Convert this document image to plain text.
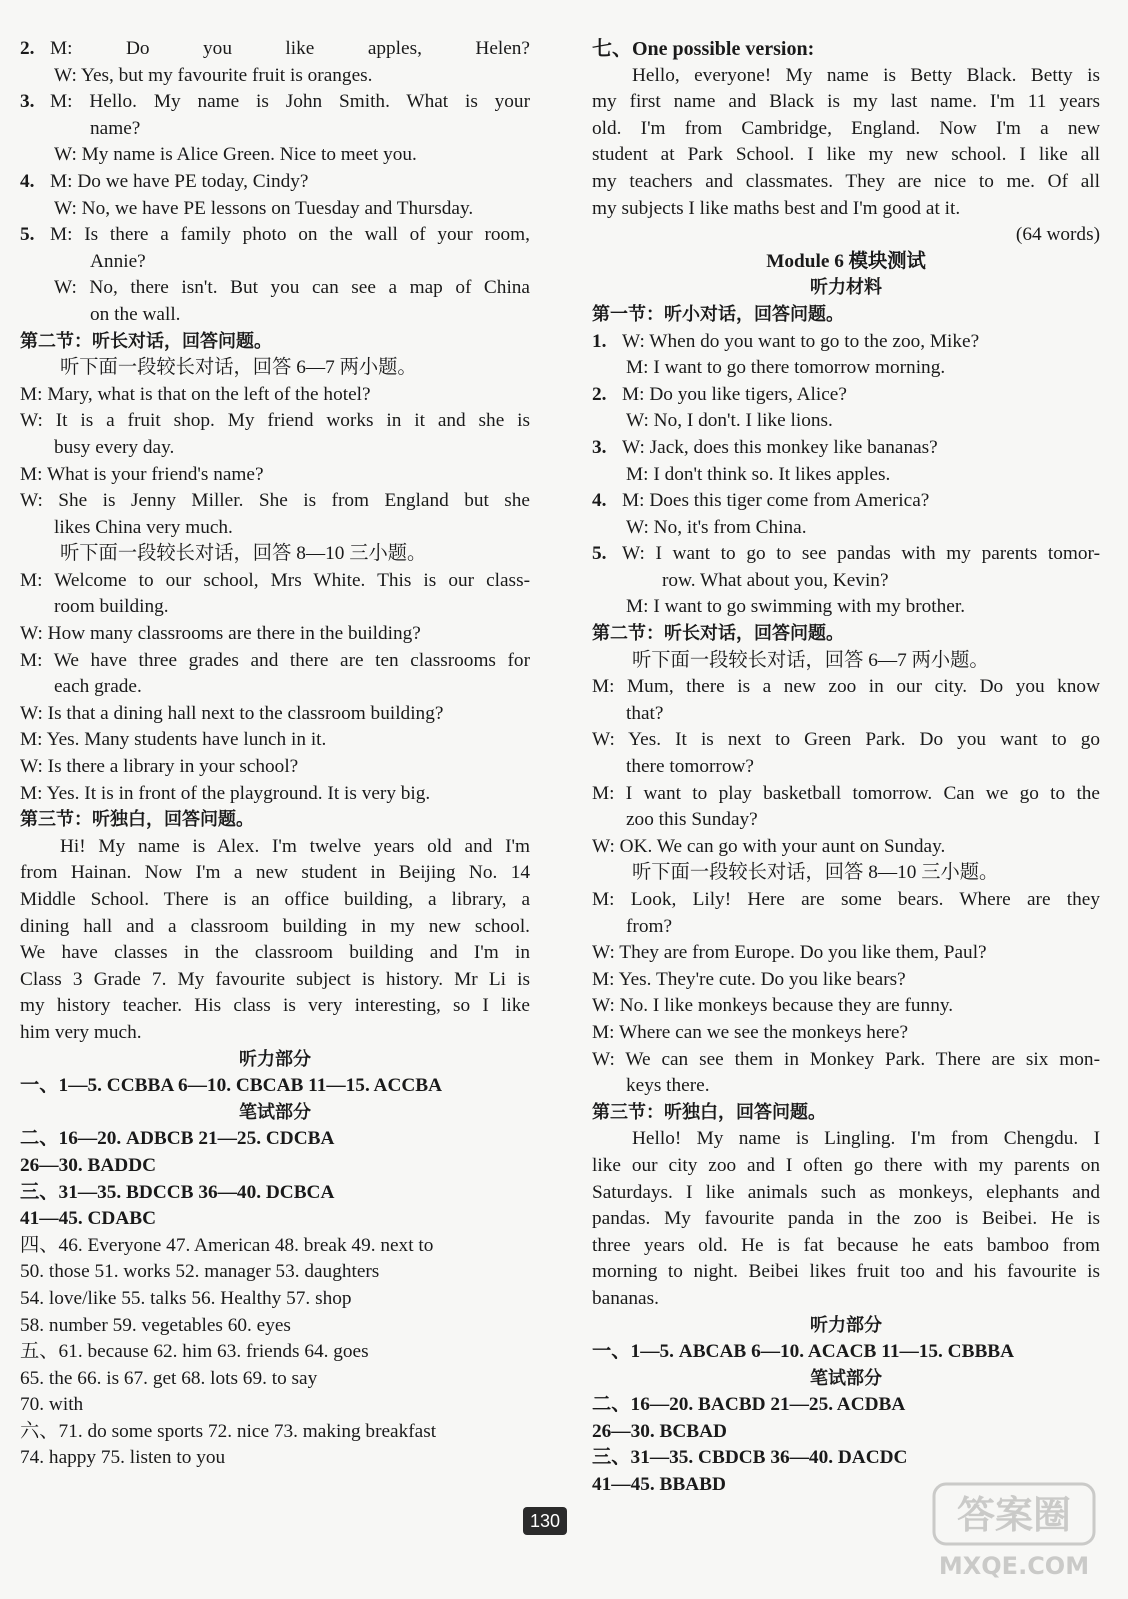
2. M: Do you like apples, Helen?
W: Yes, but my favourite fruit is oranges.
3. M: Hello. My name is John Smith. What is your
name?
W: My name is Alice Green. Nice to meet you.
4. M: Do we have PE today, Cindy?
W: No, we have PE lessons on Tuesday and Thursday.
5. M: Is there a family photo on the wall of your room,
Annie?
W: No, there isn't. But you can see a map of China
on the wall.
第二节：听长对话，回答问题。
听下面一段较长对话，回答 6—7 两小题。
M: Mary, what is that on the left of the hotel?
W: It is a fruit shop. My friend works in it and she is
busy every day.
M: What is your friend's name?
W: She is Jenny Miller. She is from England but she
likes China very much.
听下面一段较长对话，回答 8—10 三小题。
M: Welcome to our school, Mrs White. This is our class-
room building.
W: How many classrooms are there in the building?
M: We have three grades and there are ten classrooms for
each grade.
W: Is that a dining hall next to the classroom building?
M: Yes. Many students have lunch in it.
W: Is there a library in your school?
M: Yes. It is in front of the playground. It is very big.
第三节：听独白，回答问题。
Hi! My name is Alex. I'm twelve years old and I'm
from Hainan. Now I'm a new student in Beijing No. 14
Middle School. There is an office building, a library, a
dining hall and a classroom building in my new school.
We have classes in the classroom building and I'm in
Class 3 Grade 7. My favourite subject is history. Mr Li is
my history teacher. His class is very interesting, so I like
him very much.
听力部分
一、1—5. CCBBA 6—10. CBCAB 11—15. ACCBA
笔试部分
二、16—20. ADBCB 21—25. CDCBA
26—30. BADDC
三、31—35. BDCCB 36—40. DCBCA
41—45. CDABC
四、46. Everyone 47. American 48. break 49. next to
50. those 51. works 52. manager 53. daughters
54. love/like 55. talks 56. Healthy 57. shop
58. number 59. vegetables 60. eyes
五、61. because 62. him 63. friends 64. goes
65. the 66. is 67. get 68. lots 69. to say
70. with
六、71. do some sports 72. nice 73. making breakfast
74. happy 75. listen to you
七、One possible version:
Hello, everyone! My name is Betty Black. Betty is
my first name and Black is my last name. I'm 11 years
old. I'm from Cambridge, England. Now I'm a new
student at Park School. I like my new school. I like all
my teachers and classmates. They are nice to me. Of all
my subjects I like maths best and I'm good at it.
(64 words)
Module 6 模块测试
听力材料
第一节：听小对话，回答问题。
1. W: When do you want to go to the zoo, Mike?
M: I want to go there tomorrow morning.
2. M: Do you like tigers, Alice?
W: No, I don't. I like lions.
3. W: Jack, does this monkey like bananas?
M: I don't think so. It likes apples.
4. M: Does this tiger come from America?
W: No, it's from China.
5. W: I want to go to see pandas with my parents tomor-
row. What about you, Kevin?
M: I want to go swimming with my brother.
第二节：听长对话，回答问题。
听下面一段较长对话，回答 6—7 两小题。
M: Mum, there is a new zoo in our city. Do you know
that?
W: Yes. It is next to Green Park. Do you want to go
there tomorrow?
M: I want to play basketball tomorrow. Can we go to the
zoo this Sunday?
W: OK. We can go with your aunt on Sunday.
听下面一段较长对话，回答 8—10 三小题。
M: Look, Lily! Here are some bears. Where are they
from?
W: They are from Europe. Do you like them, Paul?
M: Yes. They're cute. Do you like bears?
W: No. I like monkeys because they are funny.
M: Where can we see the monkeys here?
W: We can see them in Monkey Park. There are six mon-
keys there.
第三节：听独白，回答问题。
Hello! My name is Lingling. I'm from Chengdu. I
like our city zoo and I often go there with my parents on
Saturdays. I like animals such as monkeys, elephants and
pandas. My favourite panda in the zoo is Beibei. He is
three years old. He is fat because he eats bamboo from
morning to night. Beibei likes fruit too and his favourite is
bananas.
听力部分
一、1—5. ABCAB 6—10. ACACB 11—15. CBBBA
笔试部分
二、16—20. BACBD 21—25. ACDBA
26—30. BCBAD
三、31—35. CBDCB 36—40. DACDC
41—45. BBABD
130	答案圈
MXQE.COM
